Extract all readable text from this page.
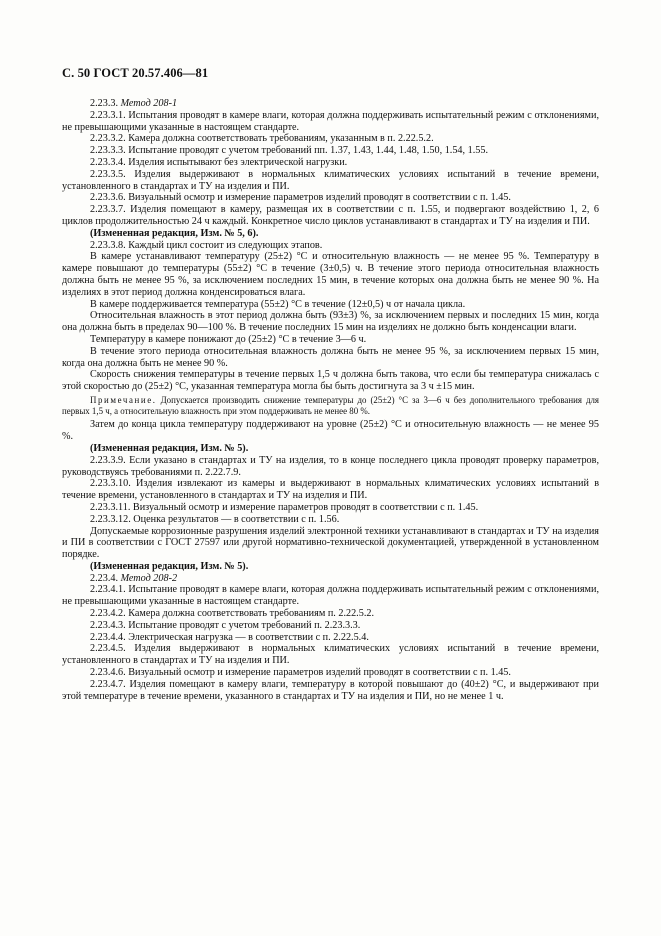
С. 50 ГОСТ 20.57.406—81

2.23.3. Метод 208-1

2.23.3.1. Испытания проводят в камере влаги, которая должна поддерживать испытательный режим с отклонениями, не превышающими указанные в настоящем стандарте.

2.23.3.2. Камера должна соответствовать требованиям, указанным в п. 2.22.5.2.

2.23.3.3. Испытание проводят с учетом требований пп. 1.37, 1.43, 1.44, 1.48, 1.50, 1.54, 1.55.

2.23.3.4. Изделия испытывают без электрической нагрузки.

2.23.3.5. Изделия выдерживают в нормальных климатических условиях испытаний в течение времени, установленного в стандартах и ТУ на изделия и ПИ.

2.23.3.6. Визуальный осмотр и измерение параметров изделий проводят в соответствии с п. 1.45.

2.23.3.7. Изделия помещают в камеру, размещая их в соответствии с п. 1.55, и подвергают воздействию 1, 2, 6 циклов продолжительностью 24 ч каждый. Конкретное число циклов устанавливают в стандартах и ТУ на изделия и ПИ.

(Измененная редакция, Изм. № 5, 6).

2.23.3.8. Каждый цикл состоит из следующих этапов.

В камере устанавливают температуру (25±2) °С и относительную влажность — не менее 95 %. Температуру в камере повышают до температуры (55±2) °С в течение (3±0,5) ч. В течение этого периода относительная влажность должна быть не менее 95 %, за исключением последних 15 мин, в течение которых она должна быть не менее 90 %. На изделиях в этот период должна конденсироваться влага.

В камере поддерживается температура (55±2) °С в течение (12±0,5) ч от начала цикла.

Относительная влажность в этот период должна быть (93±3) %, за исключением первых и последних 15 мин, когда она должна быть в пределах 90—100 %. В течение последних 15 мин на изделиях не должно быть конденсации влаги.

Температуру в камере понижают до (25±2) °С в течение 3—6 ч.

В течение этого периода относительная влажность должна быть не менее 95 %, за исключением первых 15 мин, когда она должна быть не менее 90 %.

Скорость снижения температуры в течение первых 1,5 ч должна быть такова, что если бы температура снижалась с этой скоростью до (25±2) °С, указанная температура могла бы быть достигнута за 3 ч ±15 мин.

Примечание. Допускается производить снижение температуры до (25±2) °С за 3—6 ч без дополнительного требования для первых 1,5 ч, а относительную влажность при этом поддерживать не менее 80 %.

Затем до конца цикла температуру поддерживают на уровне (25±2) °С и относительную влажность — не менее 95 %.

(Измененная редакция, Изм. № 5).

2.23.3.9. Если указано в стандартах и ТУ на изделия, то в конце последнего цикла проводят проверку параметров, руководствуясь требованиями п. 2.22.7.9.

2.23.3.10. Изделия извлекают из камеры и выдерживают в нормальных климатических условиях испытаний в течение времени, установленного в стандартах и ТУ на изделия и ПИ.

2.23.3.11. Визуальный осмотр и измерение параметров проводят в соответствии с п. 1.45.

2.23.3.12. Оценка результатов — в соответствии с п. 1.56.

Допускаемые коррозионные разрушения изделий электронной техники устанавливают в стандартах и ТУ на изделия и ПИ в соответствии с ГОСТ 27597 или другой нормативно-технической документацией, утвержденной в установленном порядке.

(Измененная редакция, Изм. № 5).

2.23.4. Метод 208-2

2.23.4.1. Испытание проводят в камере влаги, которая должна поддерживать испытательный режим с отклонениями, не превышающими указанные в настоящем стандарте.

2.23.4.2. Камера должна соответствовать требованиям п. 2.22.5.2.

2.23.4.3. Испытание проводят с учетом требований п. 2.23.3.3.

2.23.4.4. Электрическая нагрузка — в соответствии с п. 2.22.5.4.

2.23.4.5. Изделия выдерживают в нормальных климатических условиях испытаний в течение времени, установленного в стандартах и ТУ на изделия и ПИ.

2.23.4.6. Визуальный осмотр и измерение параметров изделий проводят в соответствии с п. 1.45.

2.23.4.7. Изделия помещают в камеру влаги, температуру в которой повышают до (40±2) °С, и выдерживают при этой температуре в течение времени, указанного в стандартах и ТУ на изделия и ПИ, но не менее 1 ч.
